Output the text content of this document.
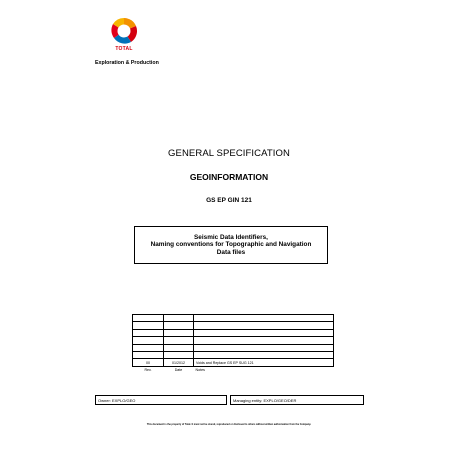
TOTAL
Exploration & Production
GENERAL SPECIFICATION
GEOINFORMATION
GS EP GIN 121
Seismic Data Identifiers,
Naming conventions for Topographic and Navigation
Data files

00	01/2012	Voids and Replace GS EP SUG 121
Rev.	Date	Notes
Owner: EXPLO/GEO	Managing entity: EXPLO/GEO/DER
This document is the property of Total. It must not be stored, reproduced or disclosed to others without written authorisation from the Company.
